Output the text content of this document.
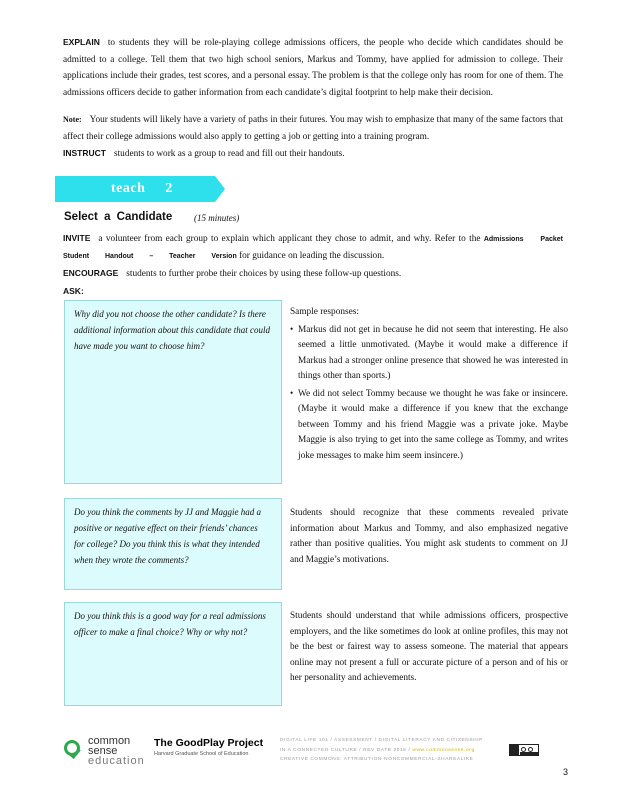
EXPLAIN to students they will be role-playing college admissions officers, the people who decide which candidates should be admitted to a college. Tell them that two high school seniors, Markus and Tommy, have applied for admission to college. Their applications include their grades, test scores, and a personal essay. The problem is that the college only has room for one of them. The admissions officers decide to gather information from each candidate’s digital footprint to help make their decision.
Note: Your students will likely have a variety of paths in their futures. You may wish to emphasize that many of the same factors that affect their college admissions would also apply to getting a job or getting into a training program.
INSTRUCT students to work as a group to read and fill out their handouts.
teach 2
Select a Candidate (15 minutes)
INVITE a volunteer from each group to explain which applicant they chose to admit, and why. Refer to the Admissions Packet Student Handout – Teacher Version for guidance on leading the discussion.
ENCOURAGE students to further probe their choices by using these follow-up questions.
ASK:
Why did you not choose the other candidate? Is there additional information about this candidate that could have made you want to choose him?
Sample responses:
• Markus did not get in because he did not seem that interesting. He also seemed a little unmotivated. (Maybe it would make a difference if Markus had a stronger online presence that showed he was interested in things other than sports.)
• We did not select Tommy because we thought he was fake or insincere. (Maybe it would make a difference if you knew that the exchange between Tommy and his friend Maggie was a private joke. Maybe Maggie is also trying to get into the same college as Tommy, and writes joke messages to make him seem insincere.)
Do you think the comments by JJ and Maggie had a positive or negative effect on their friends’ chances for college? Do you think this is what they intended when they wrote the comments?
Students should recognize that these comments revealed private information about Markus and Tommy, and also emphasized negative rather than positive qualities. You might ask students to comment on JJ and Maggie’s motivations.
Do you think this is a good way for a real admissions officer to make a final choice? Why or why not?
Students should understand that while admissions officers, prospective employers, and the like sometimes do look at online profiles, this may not be the best or fairest way to assess someone. The material that appears online may not present a full or accurate picture of a person and of his or her personality and achievements.
common
sense
education
The GoodPlay Project
Harvard Graduate School of Education
DIGITAL LIFE 101 / ASSESSMENT / DIGITAL LITERACY AND CITIZENSHIP
IN A CONNECTED CULTURE / REV DATE 2015 / www.commonsense.org
CREATIVE COMMONS: ATTRIBUTION-NONCOMMERCIAL-SHAREALIKE
3
